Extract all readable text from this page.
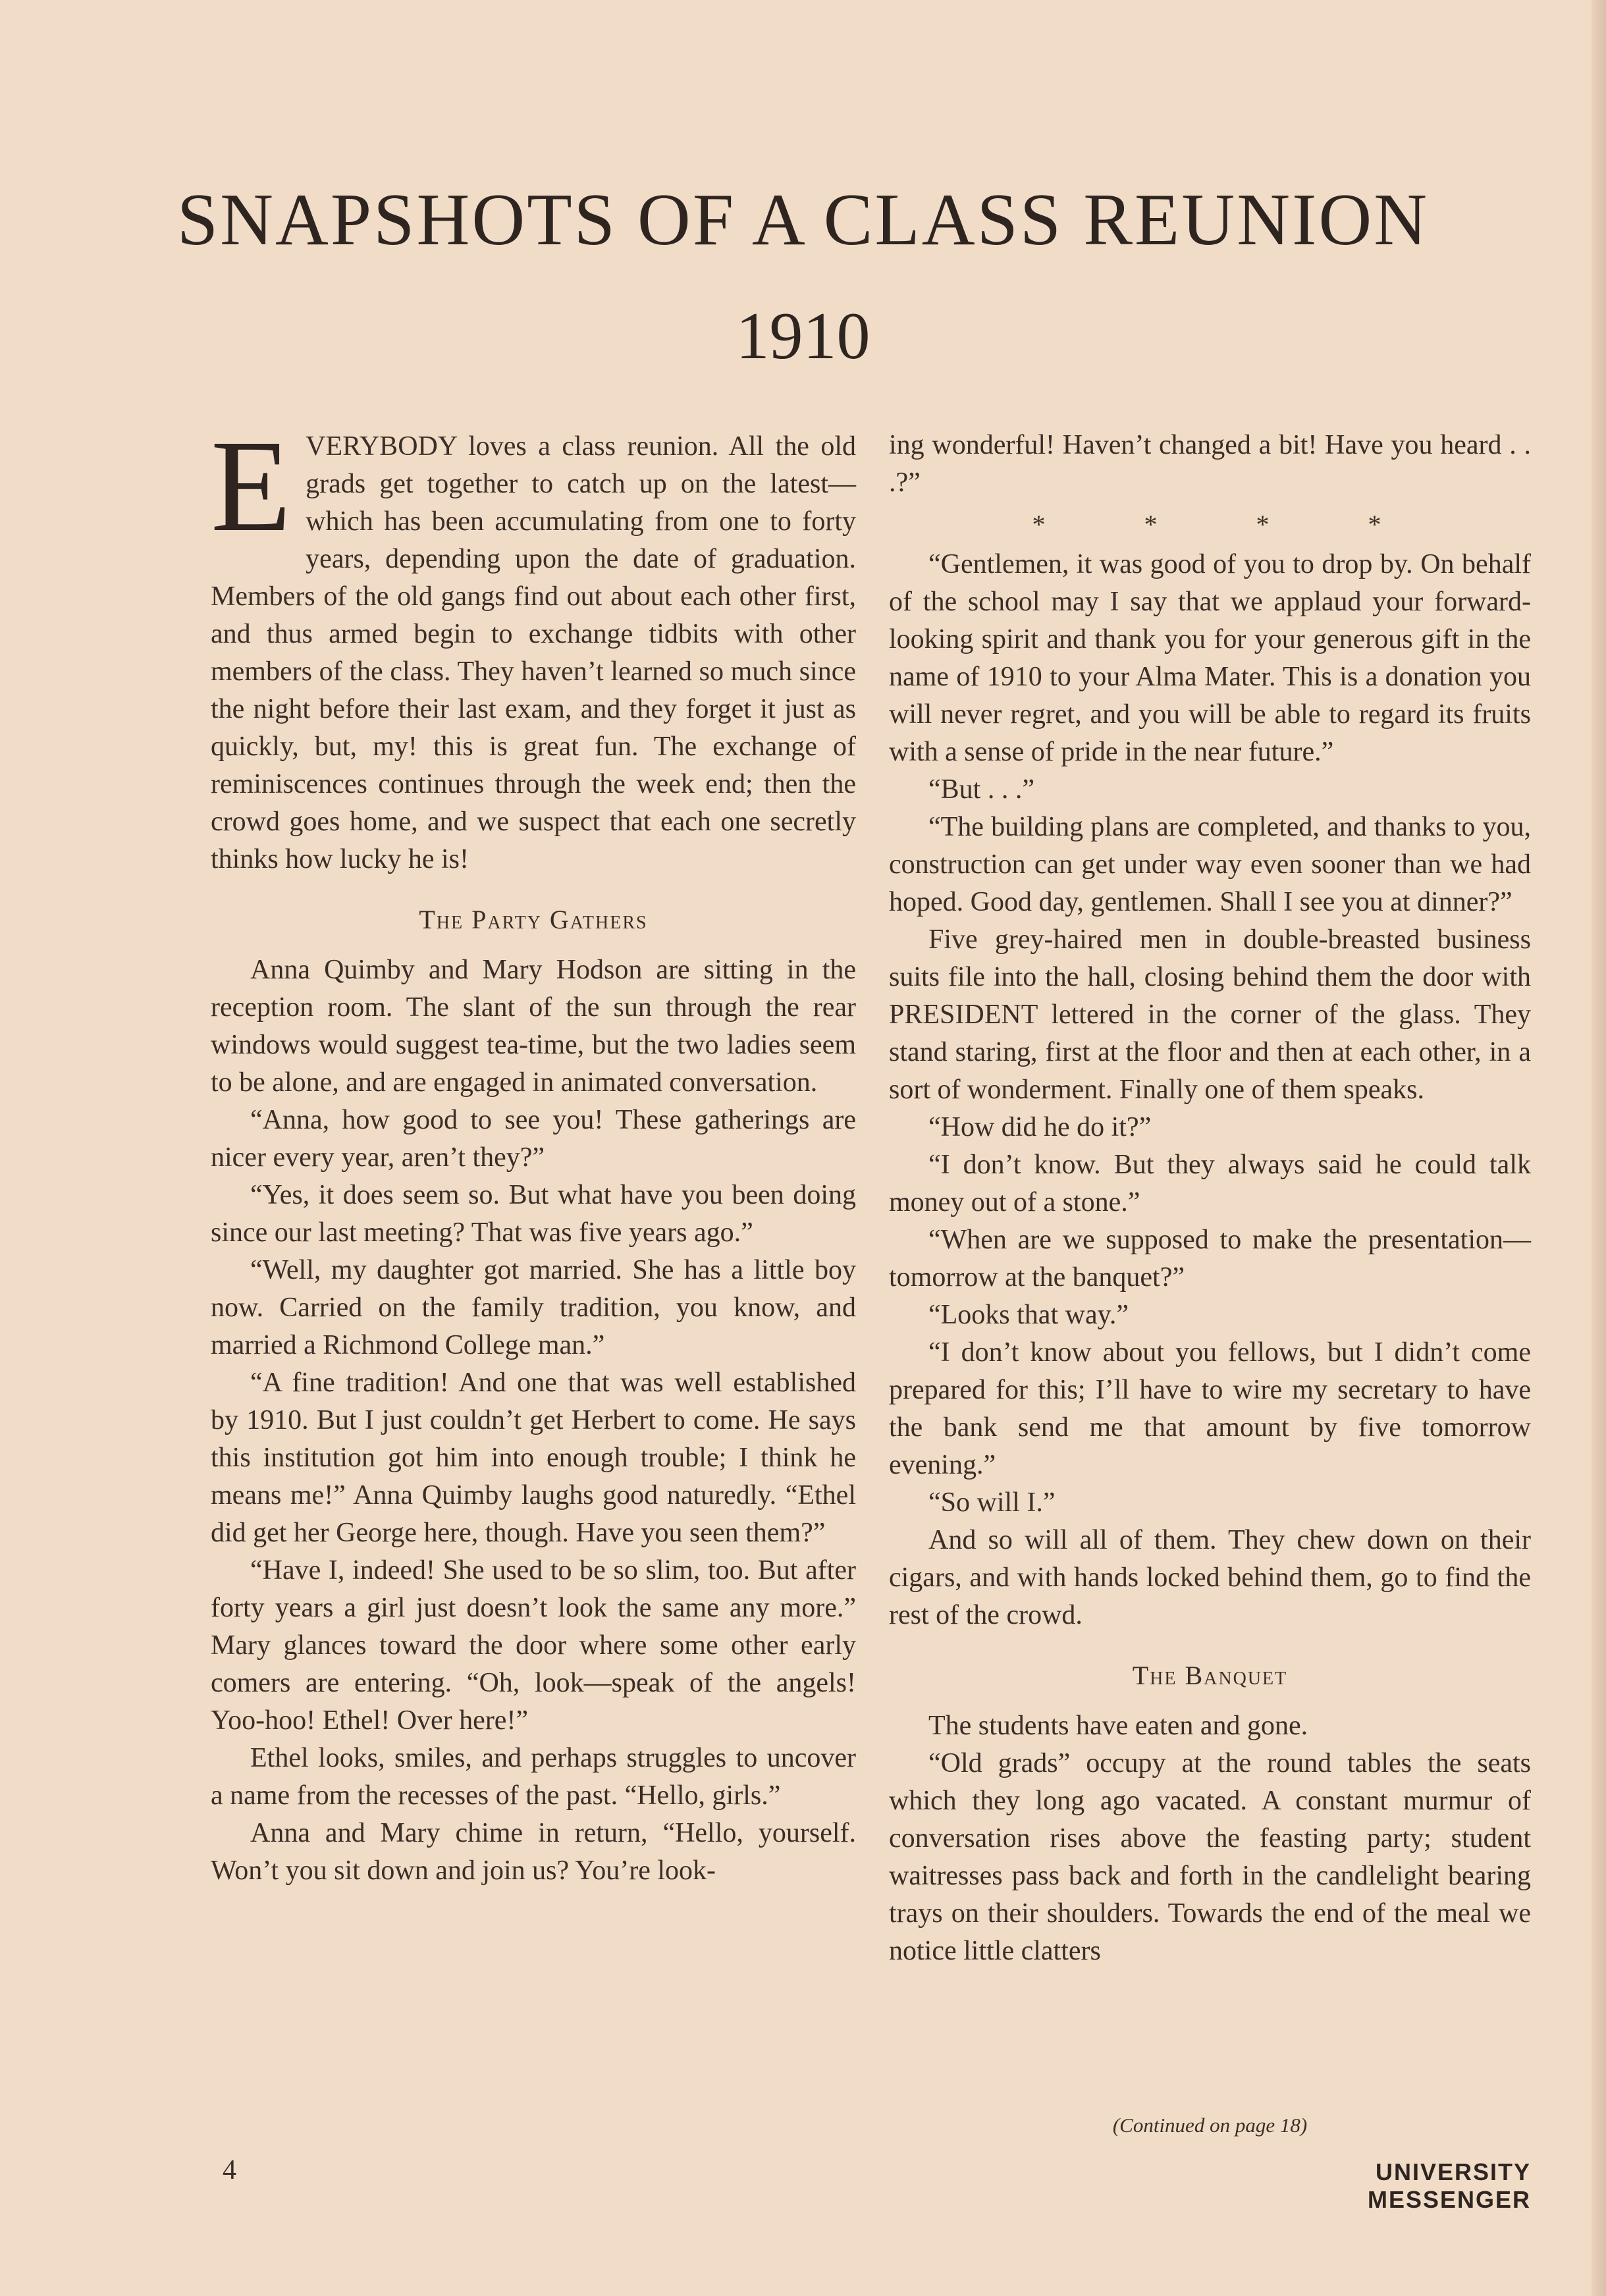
SNAPSHOTS OF A CLASS REUNION
1910

EVERYBODY loves a class reunion. All the old grads get together to catch up on the latest—which has been accumulating from one to forty years, depending upon the date of graduation. Members of the old gangs find out about each other first, and thus armed begin to exchange tidbits with other members of the class. They haven’t learned so much since the night before their last exam, and they forget it just as quickly, but, my! this is great fun. The exchange of reminiscences continues through the week end; then the crowd goes home, and we suspect that each one secretly thinks how lucky he is!

The Party Gathers

Anna Quimby and Mary Hodson are sitting in the reception room. The slant of the sun through the rear windows would suggest tea-time, but the two ladies seem to be alone, and are engaged in animated conversation.

“Anna, how good to see you! These gatherings are nicer every year, aren’t they?”

“Yes, it does seem so. But what have you been doing since our last meeting? That was five years ago.”

“Well, my daughter got married. She has a little boy now. Carried on the family tradition, you know, and married a Richmond College man.”

“A fine tradition! And one that was well established by 1910. But I just couldn’t get Herbert to come. He says this institution got him into enough trouble; I think he means me!” Anna Quimby laughs good naturedly. “Ethel did get her George here, though. Have you seen them?”

“Have I, indeed! She used to be so slim, too. But after forty years a girl just doesn’t look the same any more.” Mary glances toward the door where some other early comers are entering. “Oh, look—speak of the angels! Yoo-hoo! Ethel! Over here!”

Ethel looks, smiles, and perhaps struggles to uncover a name from the recesses of the past. “Hello, girls.”

Anna and Mary chime in return, “Hello, yourself. Won’t you sit down and join us? You’re look-

ing wonderful! Haven’t changed a bit! Have you heard . . .?”

* * * *

“Gentlemen, it was good of you to drop by. On behalf of the school may I say that we applaud your forward-looking spirit and thank you for your generous gift in the name of 1910 to your Alma Mater. This is a donation you will never regret, and you will be able to regard its fruits with a sense of pride in the near future.”

“But . . .”

“The building plans are completed, and thanks to you, construction can get under way even sooner than we had hoped. Good day, gentlemen. Shall I see you at dinner?”

Five grey-haired men in double-breasted business suits file into the hall, closing behind them the door with PRESIDENT lettered in the corner of the glass. They stand staring, first at the floor and then at each other, in a sort of wonderment. Finally one of them speaks.

“How did he do it?”

“I don’t know. But they always said he could talk money out of a stone.”

“When are we supposed to make the presentation—tomorrow at the banquet?”

“Looks that way.”

“I don’t know about you fellows, but I didn’t come prepared for this; I’ll have to wire my secretary to have the bank send me that amount by five tomorrow evening.”

“So will I.”

And so will all of them. They chew down on their cigars, and with hands locked behind them, go to find the rest of the crowd.

The Banquet

The students have eaten and gone.

“Old grads” occupy at the round tables the seats which they long ago vacated. A constant murmur of conversation rises above the feasting party; student waitresses pass back and forth in the candlelight bearing trays on their shoulders. Towards the end of the meal we notice little clatters

(Continued on page 18)
4	UNIVERSITY MESSENGER
